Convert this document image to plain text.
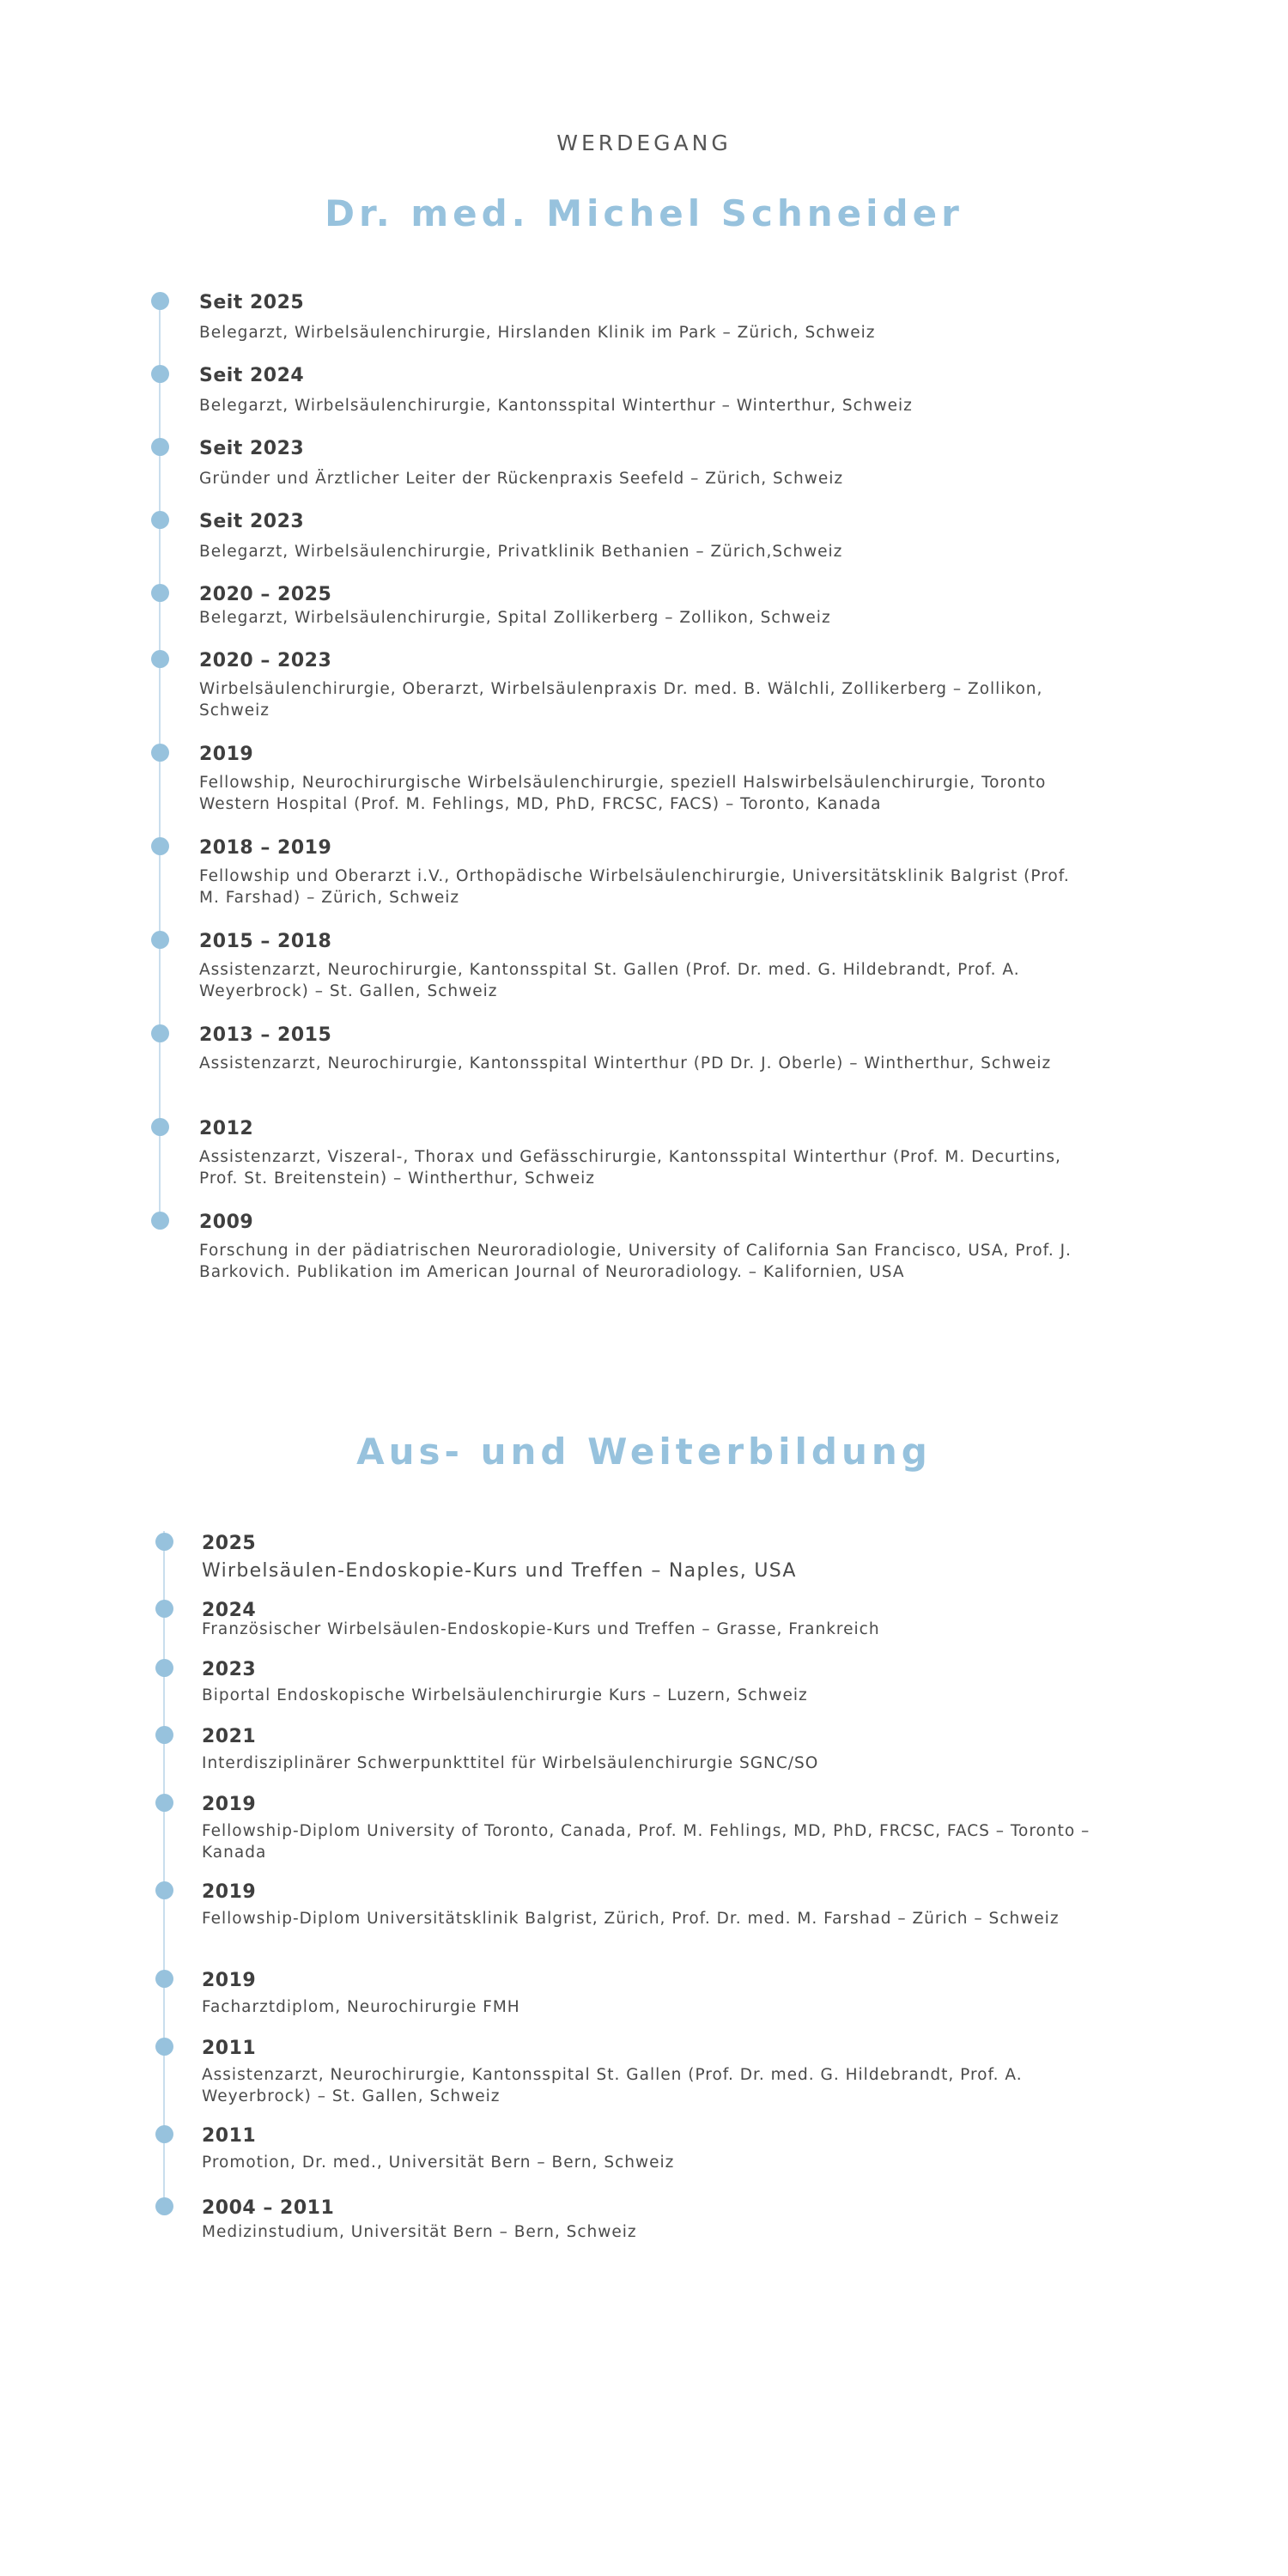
WERDEGANG
Dr. med. Michel Schneider
Seit 2025
Belegarzt, Wirbelsäulenchirurgie, Hirslanden Klinik im Park – Zürich, Schweiz
Seit 2024
Belegarzt, Wirbelsäulenchirurgie, Kantonsspital Winterthur – Winterthur, Schweiz
Seit 2023
Gründer und Ärztlicher Leiter der Rückenpraxis Seefeld – Zürich, Schweiz
Seit 2023
Belegarzt, Wirbelsäulenchirurgie, Privatklinik Bethanien – Zürich,Schweiz
2020 – 2025
Belegarzt, Wirbelsäulenchirurgie, Spital Zollikerberg – Zollikon, Schweiz
2020 – 2023
Wirbelsäulenchirurgie, Oberarzt, Wirbelsäulenpraxis Dr. med. B. Wälchli, Zollikerberg – Zollikon, Schweiz
2019
Fellowship, Neurochirurgische Wirbelsäulenchirurgie, speziell Halswirbelsäulenchirurgie, Toronto Western Hospital (Prof. M. Fehlings, MD, PhD, FRCSC, FACS) – Toronto, Kanada
2018 – 2019
Fellowship und Oberarzt i.V., Orthopädische Wirbelsäulenchirurgie, Universitätsklinik Balgrist (Prof. M. Farshad) – Zürich, Schweiz
2015 – 2018
Assistenzarzt, Neurochirurgie, Kantonsspital St. Gallen (Prof. Dr. med. G. Hildebrandt, Prof. A. Weyerbrock) – St. Gallen, Schweiz
2013 – 2015
Assistenzarzt, Neurochirurgie, Kantonsspital Winterthur (PD Dr. J. Oberle) – Wintherthur, Schweiz
2012
Assistenzarzt, Viszeral-, Thorax und Gefässchirurgie, Kantonsspital Winterthur (Prof. M. Decurtins, Prof. St. Breitenstein) – Wintherthur, Schweiz
2009
Forschung in der pädiatrischen Neuroradiologie, University of California San Francisco, USA, Prof. J. Barkovich. Publikation im American Journal of Neuroradiology. – Kalifornien, USA
Aus- und Weiterbildung
2025
Wirbelsäulen-Endoskopie-Kurs und Treffen – Naples, USA
2024
Französischer Wirbelsäulen-Endoskopie-Kurs und Treffen – Grasse, Frankreich
2023
Biportal Endoskopische Wirbelsäulenchirurgie Kurs – Luzern, Schweiz
2021
Interdisziplinärer Schwerpunkttitel für Wirbelsäulenchirurgie SGNC/SO
2019
Fellowship-Diplom University of Toronto, Canada, Prof. M. Fehlings, MD, PhD, FRCSC, FACS – Toronto – Kanada
2019
Fellowship-Diplom Universitätsklinik Balgrist, Zürich, Prof. Dr. med. M. Farshad – Zürich – Schweiz
2019
Facharztdiplom, Neurochirurgie FMH
2011
Assistenzarzt, Neurochirurgie, Kantonsspital St. Gallen (Prof. Dr. med. G. Hildebrandt, Prof. A. Weyerbrock) – St. Gallen, Schweiz
2011
Promotion, Dr. med., Universität Bern – Bern, Schweiz
2004 – 2011
Medizinstudium, Universität Bern – Bern, Schweiz
